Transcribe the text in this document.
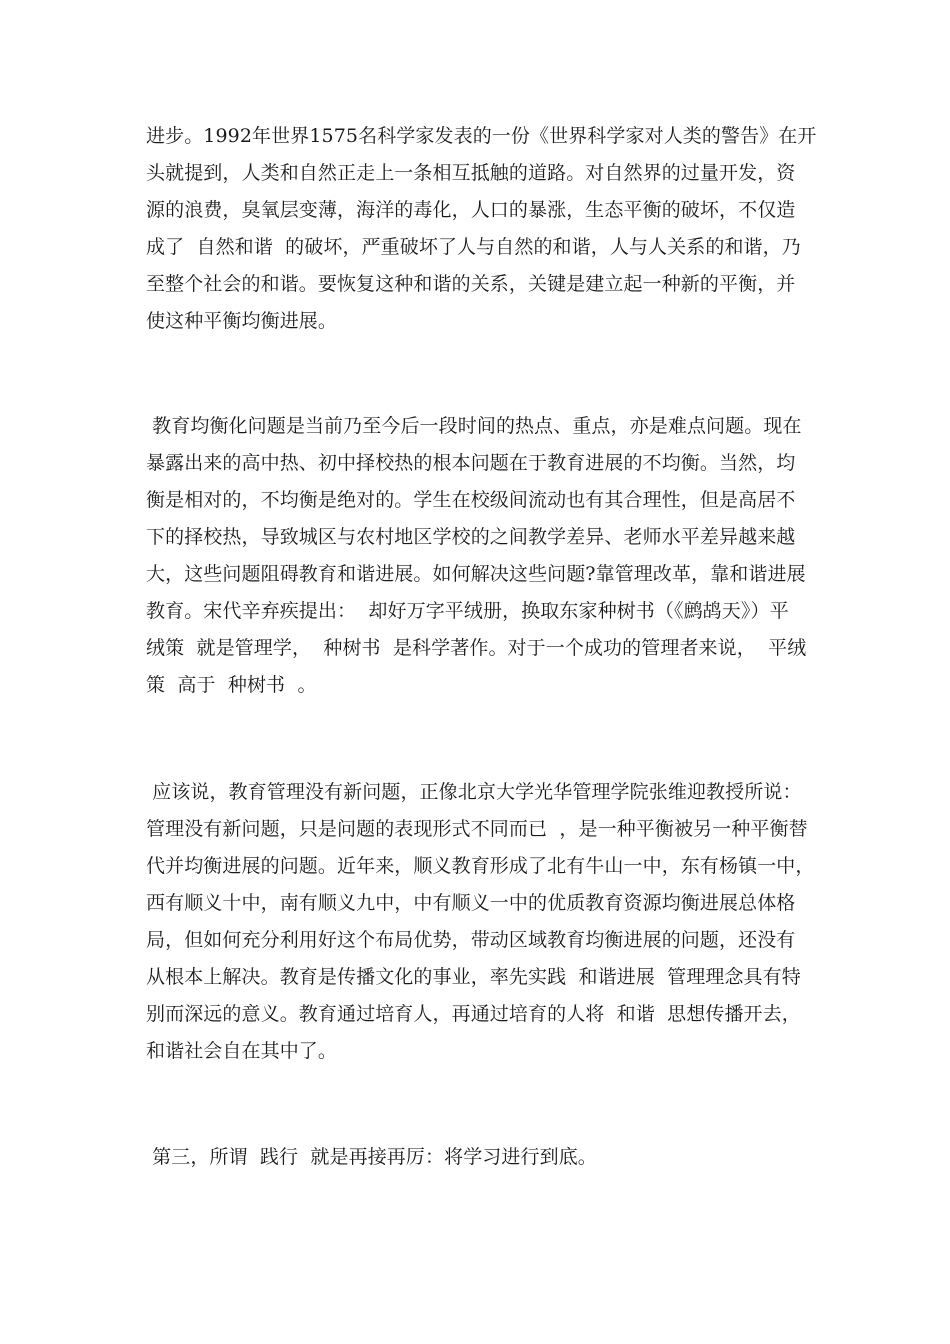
进步。1992年世界1575名科学家发表的一份《世界科学家对人类的警告》在开
头就提到，人类和自然正走上一条相互抵触的道路。对自然界的过量开发，资
源的浪费，臭氧层变薄，海洋的毒化，人口的暴涨，生态平衡的破坏，不仅造
成了  自然和谐  的破坏，严重破坏了人与自然的和谐，人与人关系的和谐，乃
至整个社会的和谐。要恢复这种和谐的关系，关键是建立起一种新的平衡，并
使这种平衡均衡进展。
教育均衡化问题是当前乃至今后一段时间的热点、重点，亦是难点问题。现在
暴露出来的高中热、初中择校热的根本问题在于教育进展的不均衡。当然，均
衡是相对的，不均衡是绝对的。学生在校级间流动也有其合理性，但是高居不
下的择校热，导致城区与农村地区学校的之间教学差异、老师水平差异越来越
大，这些问题阻碍教育和谐进展。如何解决这些问题?靠管理改革，靠和谐进展
教育。宋代辛弃疾提出：  却好万字平绒册，换取东家种树书（《鹧鸪天》）平
绒策  就是管理学，  种树书  是科学著作。对于一个成功的管理者来说，  平绒
策  高于  种树书  。
应该说，教育管理没有新问题，正像北京大学光华管理学院张维迎教授所说：
管理没有新问题，只是问题的表现形式不同而已  ，是一种平衡被另一种平衡替
代并均衡进展的问题。近年来，顺义教育形成了北有牛山一中，东有杨镇一中，
西有顺义十中，南有顺义九中，中有顺义一中的优质教育资源均衡进展总体格
局，但如何充分利用好这个布局优势，带动区域教育均衡进展的问题，还没有
从根本上解决。教育是传播文化的事业，率先实践  和谐进展  管理理念具有特
别而深远的意义。教育通过培育人，再通过培育的人将  和谐  思想传播开去，
和谐社会自在其中了。
第三，所谓  践行  就是再接再厉：将学习进行到底。
